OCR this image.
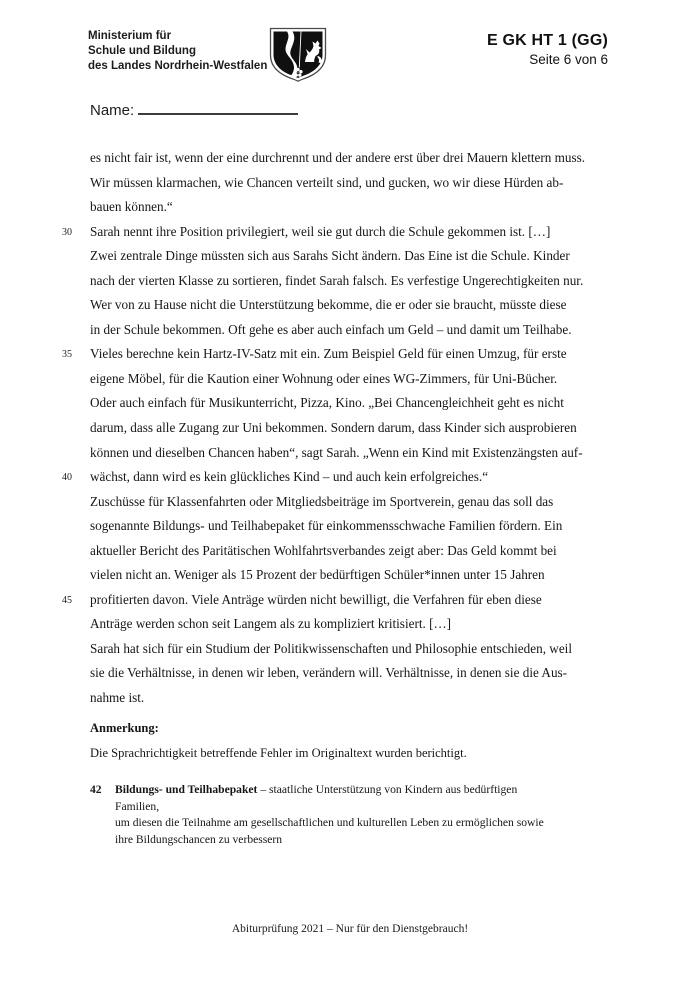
Ministerium für
Schule und Bildung
des Landes Nordrhein-Westfalen
E GK HT 1 (GG)
Seite 6 von 6
Name:
es nicht fair ist, wenn der eine durchrennt und der andere erst über drei Mauern klettern muss.
Wir müssen klarmachen, wie Chancen verteilt sind, und gucken, wo wir diese Hürden ab-
bauen können.“
30 Sarah nennt ihre Position privilegiert, weil sie gut durch die Schule gekommen ist. […]
Zwei zentrale Dinge müssten sich aus Sarahs Sicht ändern. Das Eine ist die Schule. Kinder
nach der vierten Klasse zu sortieren, findet Sarah falsch. Es verfestige Ungerechtigkeiten nur.
Wer von zu Hause nicht die Unterstützung bekomme, die er oder sie braucht, müsste diese
in der Schule bekommen. Oft gehe es aber auch einfach um Geld – und damit um Teilhabe.
35 Vieles berechne kein Hartz-IV-Satz mit ein. Zum Beispiel Geld für einen Umzug, für erste
eigene Möbel, für die Kaution einer Wohnung oder eines WG-Zimmers, für Uni-Bücher.
Oder auch einfach für Musikunterricht, Pizza, Kino. „Bei Chancengleichheit geht es nicht
darum, dass alle Zugang zur Uni bekommen. Sondern darum, dass Kinder sich ausprobieren
können und dieselben Chancen haben“, sagt Sarah. „Wenn ein Kind mit Existenzängsten auf-
40 wächst, dann wird es kein glückliches Kind – und auch kein erfolgreiches.“
Zuschüsse für Klassenfahrten oder Mitgliedsbeiträge im Sportverein, genau das soll das
sogenannte Bildungs- und Teilhabepaket für einkommensschwache Familien fördern. Ein
aktueller Bericht des Paritätischen Wohlfahrtsverbandes zeigt aber: Das Geld kommt bei
vielen nicht an. Weniger als 15 Prozent der bedürftigen Schüler*innen unter 15 Jahren
45 profitierten davon. Viele Anträge würden nicht bewilligt, die Verfahren für eben diese
Anträge werden schon seit Langem als zu kompliziert kritisiert. […]
Sarah hat sich für ein Studium der Politikwissenschaften und Philosophie entschieden, weil
sie die Verhältnisse, in denen wir leben, verändern will. Verhältnisse, in denen sie die Aus-
nahme ist.

Anmerkung:

Die Sprachrichtigkeit betreffende Fehler im Originaltext wurden berichtigt.

42 Bildungs- und Teilhabepaket – staatliche Unterstützung von Kindern aus bedürftigen Familien,
um diesen die Teilnahme am gesellschaftlichen und kulturellen Leben zu ermöglichen sowie
ihre Bildungschancen zu verbessern
Abiturprüfung 2021 – Nur für den Dienstgebrauch!
